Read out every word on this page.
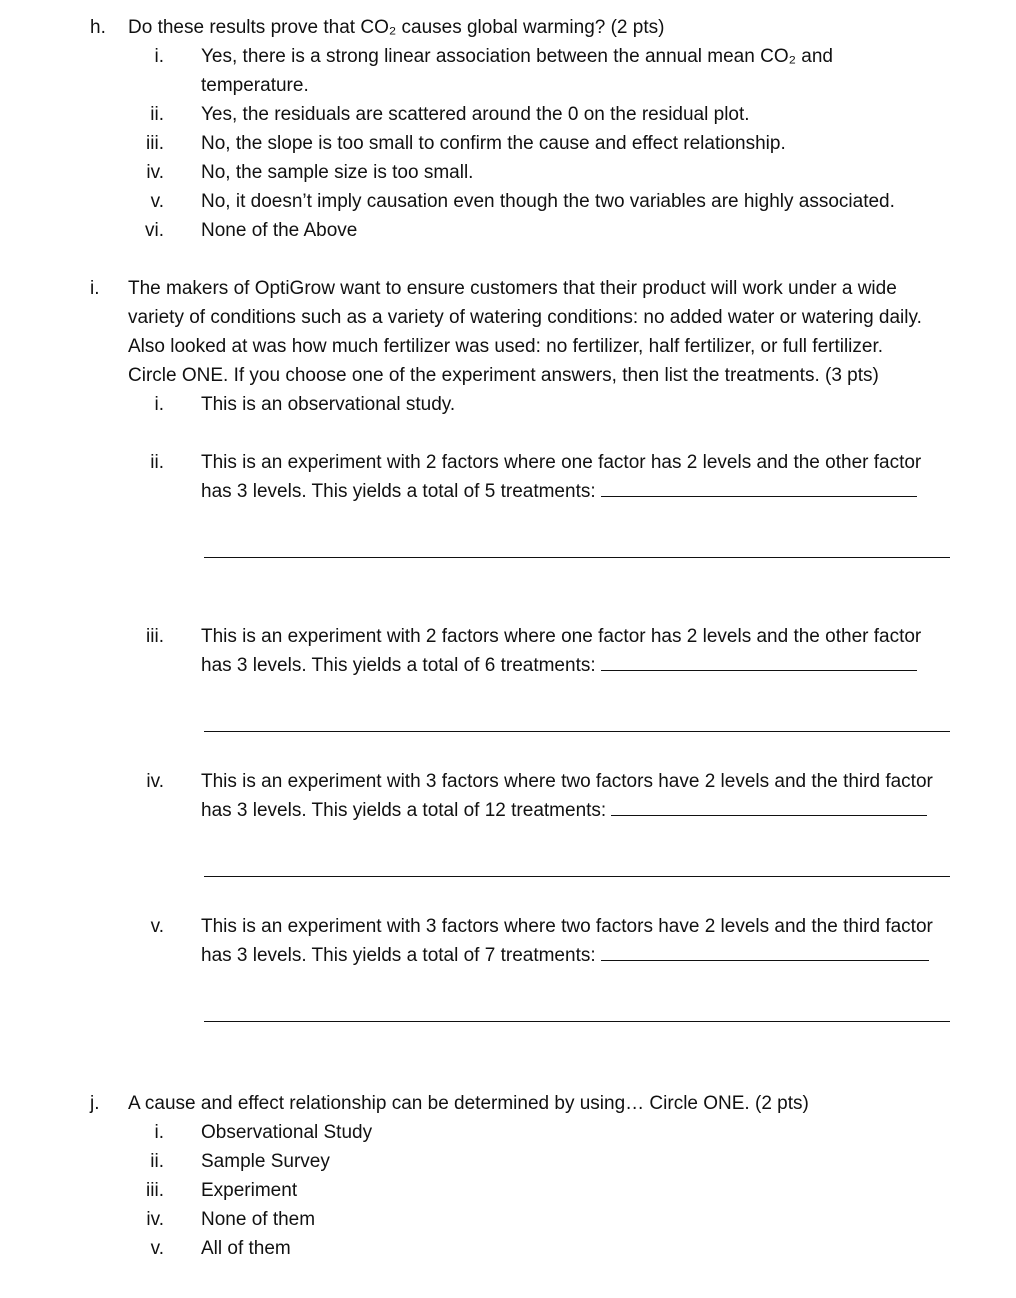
h. Do these results prove that CO₂ causes global warming? (2 pts)
i. Yes, there is a strong linear association between the annual mean CO₂ and
temperature.
ii. Yes, the residuals are scattered around the 0 on the residual plot.
iii. No, the slope is too small to confirm the cause and effect relationship.
iv. No, the sample size is too small.
v. No, it doesn’t imply causation even though the two variables are highly associated.
vi. None of the Above
i. The makers of OptiGrow want to ensure customers that their product will work under a wide
variety of conditions such as a variety of watering conditions: no added water or watering daily.
Also looked at was how much fertilizer was used: no fertilizer, half fertilizer, or full fertilizer.
Circle ONE. If you choose one of the experiment answers, then list the treatments. (3 pts)
i. This is an observational study.
ii. This is an experiment with 2 factors where one factor has 2 levels and the other factor
has 3 levels. This yields a total of 5 treatments:
iii. This is an experiment with 2 factors where one factor has 2 levels and the other factor
has 3 levels. This yields a total of 6 treatments:
iv. This is an experiment with 3 factors where two factors have 2 levels and the third factor
has 3 levels. This yields a total of 12 treatments:
v. This is an experiment with 3 factors where two factors have 2 levels and the third factor
has 3 levels. This yields a total of 7 treatments:
j. A cause and effect relationship can be determined by using… Circle ONE. (2 pts)
i. Observational Study
ii. Sample Survey
iii. Experiment
iv. None of them
v. All of them
